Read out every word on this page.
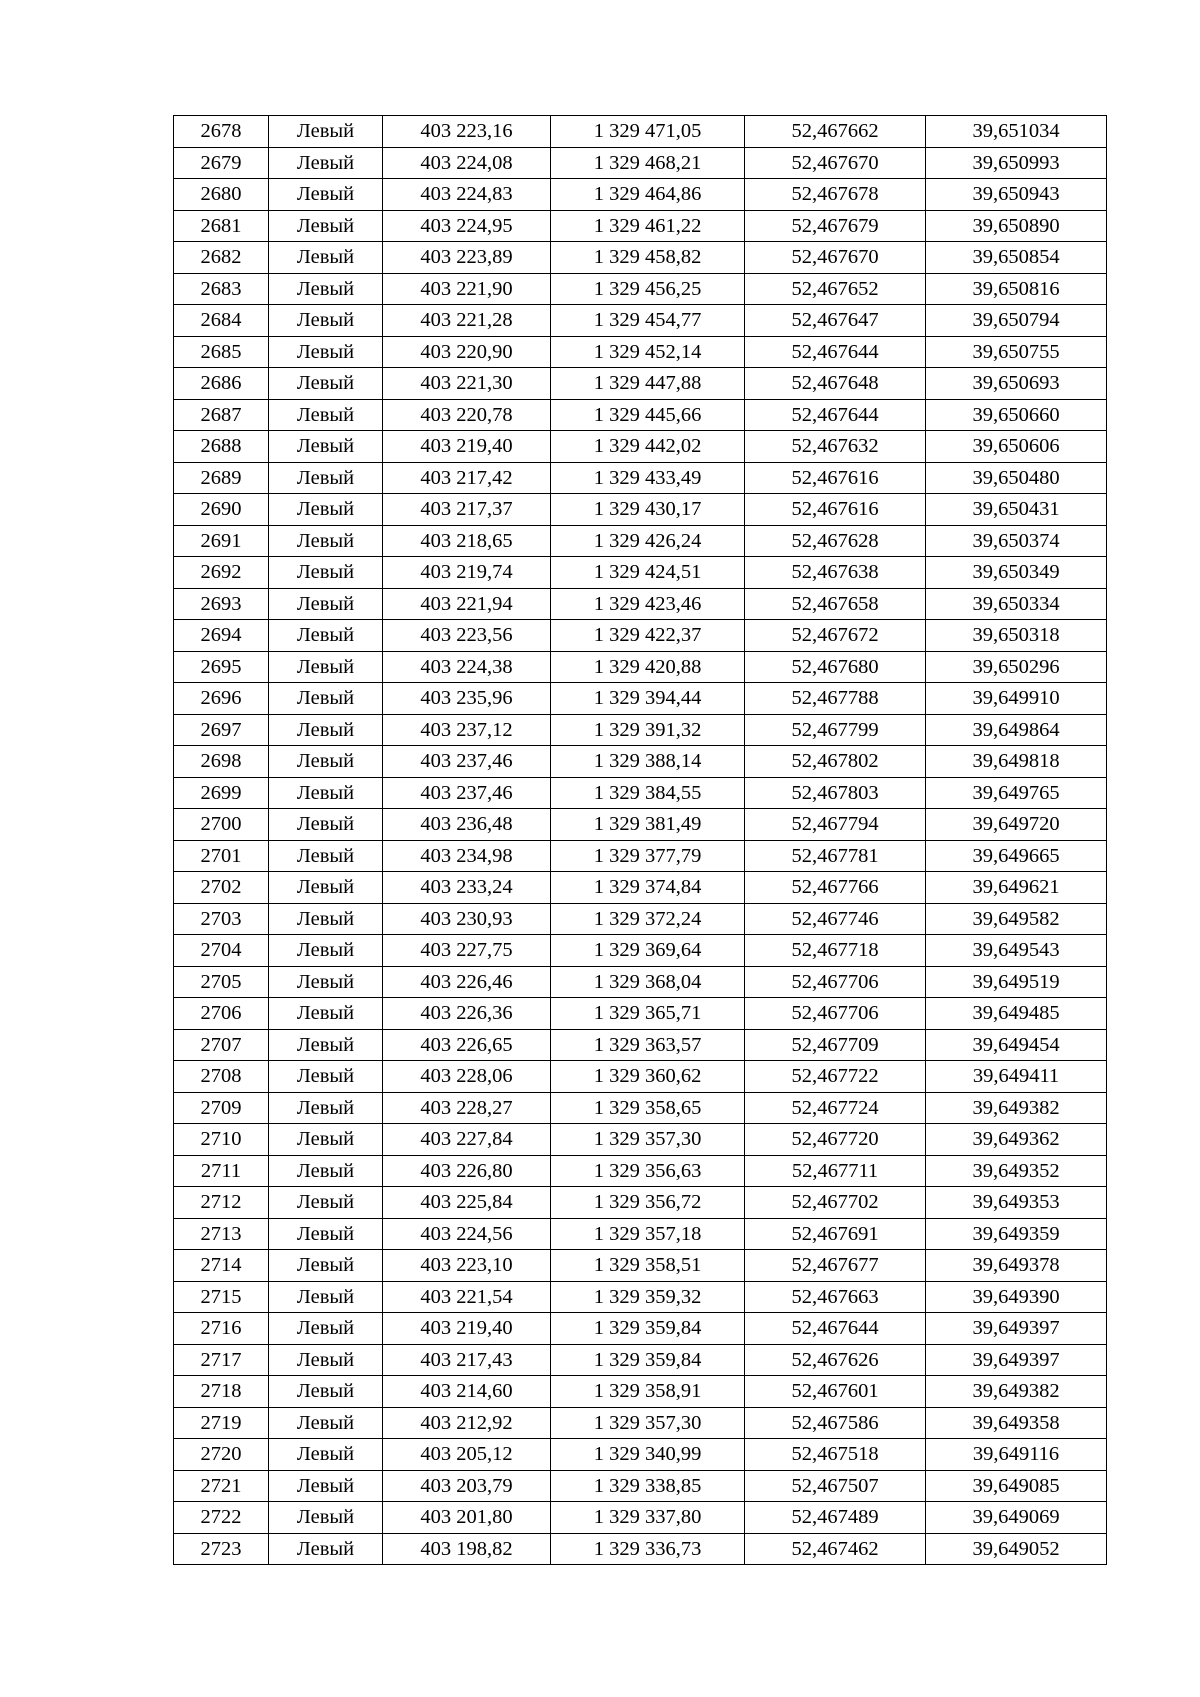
2678	Левый	403 223,16	1 329 471,05	52,467662	39,651034
2679	Левый	403 224,08	1 329 468,21	52,467670	39,650993
2680	Левый	403 224,83	1 329 464,86	52,467678	39,650943
2681	Левый	403 224,95	1 329 461,22	52,467679	39,650890
2682	Левый	403 223,89	1 329 458,82	52,467670	39,650854
2683	Левый	403 221,90	1 329 456,25	52,467652	39,650816
2684	Левый	403 221,28	1 329 454,77	52,467647	39,650794
2685	Левый	403 220,90	1 329 452,14	52,467644	39,650755
2686	Левый	403 221,30	1 329 447,88	52,467648	39,650693
2687	Левый	403 220,78	1 329 445,66	52,467644	39,650660
2688	Левый	403 219,40	1 329 442,02	52,467632	39,650606
2689	Левый	403 217,42	1 329 433,49	52,467616	39,650480
2690	Левый	403 217,37	1 329 430,17	52,467616	39,650431
2691	Левый	403 218,65	1 329 426,24	52,467628	39,650374
2692	Левый	403 219,74	1 329 424,51	52,467638	39,650349
2693	Левый	403 221,94	1 329 423,46	52,467658	39,650334
2694	Левый	403 223,56	1 329 422,37	52,467672	39,650318
2695	Левый	403 224,38	1 329 420,88	52,467680	39,650296
2696	Левый	403 235,96	1 329 394,44	52,467788	39,649910
2697	Левый	403 237,12	1 329 391,32	52,467799	39,649864
2698	Левый	403 237,46	1 329 388,14	52,467802	39,649818
2699	Левый	403 237,46	1 329 384,55	52,467803	39,649765
2700	Левый	403 236,48	1 329 381,49	52,467794	39,649720
2701	Левый	403 234,98	1 329 377,79	52,467781	39,649665
2702	Левый	403 233,24	1 329 374,84	52,467766	39,649621
2703	Левый	403 230,93	1 329 372,24	52,467746	39,649582
2704	Левый	403 227,75	1 329 369,64	52,467718	39,649543
2705	Левый	403 226,46	1 329 368,04	52,467706	39,649519
2706	Левый	403 226,36	1 329 365,71	52,467706	39,649485
2707	Левый	403 226,65	1 329 363,57	52,467709	39,649454
2708	Левый	403 228,06	1 329 360,62	52,467722	39,649411
2709	Левый	403 228,27	1 329 358,65	52,467724	39,649382
2710	Левый	403 227,84	1 329 357,30	52,467720	39,649362
2711	Левый	403 226,80	1 329 356,63	52,467711	39,649352
2712	Левый	403 225,84	1 329 356,72	52,467702	39,649353
2713	Левый	403 224,56	1 329 357,18	52,467691	39,649359
2714	Левый	403 223,10	1 329 358,51	52,467677	39,649378
2715	Левый	403 221,54	1 329 359,32	52,467663	39,649390
2716	Левый	403 219,40	1 329 359,84	52,467644	39,649397
2717	Левый	403 217,43	1 329 359,84	52,467626	39,649397
2718	Левый	403 214,60	1 329 358,91	52,467601	39,649382
2719	Левый	403 212,92	1 329 357,30	52,467586	39,649358
2720	Левый	403 205,12	1 329 340,99	52,467518	39,649116
2721	Левый	403 203,79	1 329 338,85	52,467507	39,649085
2722	Левый	403 201,80	1 329 337,80	52,467489	39,649069
2723	Левый	403 198,82	1 329 336,73	52,467462	39,649052
